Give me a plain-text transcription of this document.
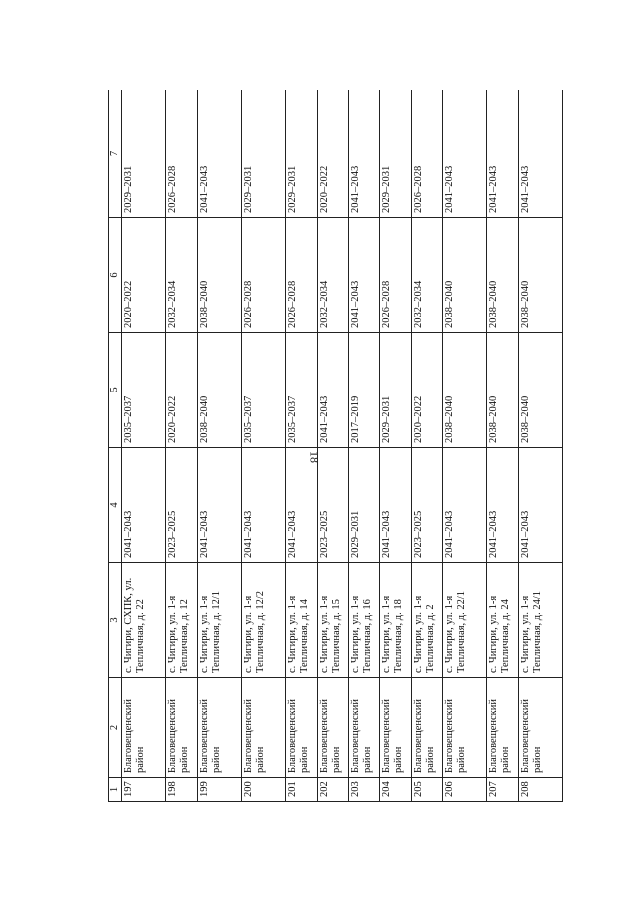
18
1	2	3	4	5	6	7
197	Благовещенский район	с. Чигири, СХПК, ул. Тепличная, д. 22	2041–2043	2035–2037	2020–2022	2029–2031
198	Благовещенский район	с. Чигири, ул. 1-я Тепличная, д. 12	2023–2025	2020–2022	2032–2034	2026–2028
199	Благовещенский район	с. Чигири, ул. 1-я Тепличная, д. 12/1	2041–2043	2038–2040	2038–2040	2041–2043
200	Благовещенский район	с. Чигири, ул. 1-я Тепличная, д. 12/2	2041–2043	2035–2037	2026–2028	2029–2031
201	Благовещенский район	с. Чигири, ул. 1-я Тепличная, д. 14	2041–2043	2035–2037	2026–2028	2029–2031
202	Благовещенский район	с. Чигири, ул. 1-я Тепличная, д. 15	2023–2025	2041–2043	2032–2034	2020–2022
203	Благовещенский район	с. Чигири, ул. 1-я Тепличная, д. 16	2029–2031	2017–2019	2041–2043	2041–2043
204	Благовещенский район	с. Чигири, ул. 1-я Тепличная, д. 18	2041–2043	2029–2031	2026–2028	2029–2031
205	Благовещенский район	с. Чигири, ул. 1-я Тепличная, д. 2	2023–2025	2020–2022	2032–2034	2026–2028
206	Благовещенский район	с. Чигири, ул. 1-я Тепличная, д. 22/1	2041–2043	2038–2040	2038–2040	2041–2043
207	Благовещенский район	с. Чигири, ул. 1-я Тепличная, д. 24	2041–2043	2038–2040	2038–2040	2041–2043
208	Благовещенский район	с. Чигири, ул. 1-я Тепличная, д. 24/1	2041–2043	2038–2040	2038–2040	2041–2043
